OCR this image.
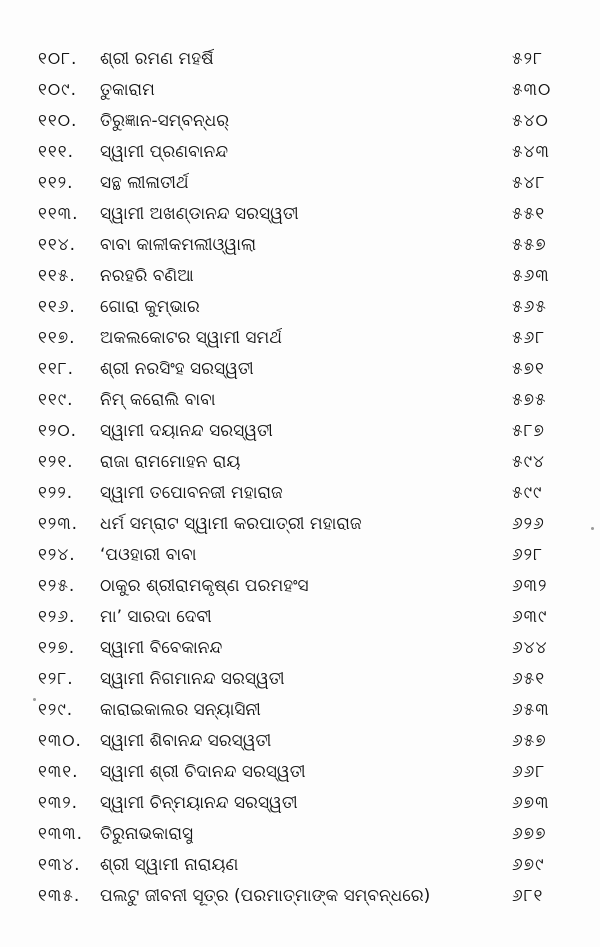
୧୦୮.	ଶ୍ରୀ ରମଣ ମହର୍ଷି	୫୨୮
୧୦୯.	ତୁକାରାମ	୫୩୦
୧୧୦.	ତିରୁଜ୍ଞାନ-ସମ୍ବନ୍ଧର୍	୫୪୦
୧୧୧.	ସ୍ୱାମୀ ପ୍ରଣବାନନ୍ଦ	୫୪୩
୧୧୨.	ସନ୍ଥ ଲୀଳାତୀର୍ଥ	୫୪୮
୧୧୩.	ସ୍ୱାମୀ ଅଖଣ୍ଡାନନ୍ଦ ସରସ୍ୱତୀ	୫୫୧
୧୧୪.	ବାବା କାଳୀକମଲୀଓ୍ୱାଲା	୫୫୭
୧୧୫.	ନରହରି ବଣିଆ	୫୬୩
୧୧୬.	ଗୋରା କୁମ୍ଭାର	୫୬୫
୧୧୭.	ଅକଲକୋଟର ସ୍ୱାମୀ ସମର୍ଥ	୫୬୮
୧୧୮.	ଶ୍ରୀ ନରସିଂହ ସରସ୍ୱତୀ	୫୭୧
୧୧୯.	ନିମ୍ କରୋଲି ବାବା	୫୭୫
୧୨୦.	ସ୍ୱାମୀ ଦୟାନନ୍ଦ ସରସ୍ୱତୀ	୫୮୭
୧୨୧.	ରାଜା ରାମମୋହନ ରାୟ	୫୯୪
୧୨୨.	ସ୍ୱାମୀ ତପୋବନଜୀ ମହାରାଜ	୫୯୯
୧୨୩.	ଧର୍ମ ସମ୍ରାଟ ସ୍ୱାମୀ କରପାତ୍ରୀ ମହାରାଜ	୬୨୬
୧୨୪.	‘ପଓହାରୀ ବାବା	୬୨୮
୧୨୫.	ଠାକୁର ଶ୍ରୀରାମକୃଷ୍ଣ ପରମହଂସ	୬୩୨
୧୨୬.	ମା’ ସାରଦା ଦେବୀ	୬୩୯
୧୨୭.	ସ୍ୱାମୀ ବିବେକାନନ୍ଦ	୬୪୪
୧୨୮.	ସ୍ୱାମୀ ନିଗମାନନ୍ଦ ସରସ୍ୱତୀ	୬୫୧
୧୨୯.	କାରାଇକାଲର ସନ୍ୟାସିନୀ	୬୫୩
୧୩୦.	ସ୍ୱାମୀ ଶିବାନନ୍ଦ ସରସ୍ୱତୀ	୬୫୭
୧୩୧.	ସ୍ୱାମୀ ଶ୍ରୀ ଚିଦାନନ୍ଦ ସରସ୍ୱତୀ	୬୬୮
୧୩୨.	ସ୍ୱାମୀ ଚିନ୍ମୟାନନ୍ଦ ସରସ୍ୱତୀ	୬୭୩
୧୩୩.	ତିରୁନାଭକାରାସୁ	୬୭୭
୧୩୪.	ଶ୍ରୀ ସ୍ୱାମୀ ନାରାୟଣ	୬୭୯
୧୩୫.	ପଲଟୁ ଜୀବନୀ ସୂତ୍ର (ପରମାତ୍ମାଙ୍କ ସମ୍ବନ୍ଧରେ)	୬୮୧
